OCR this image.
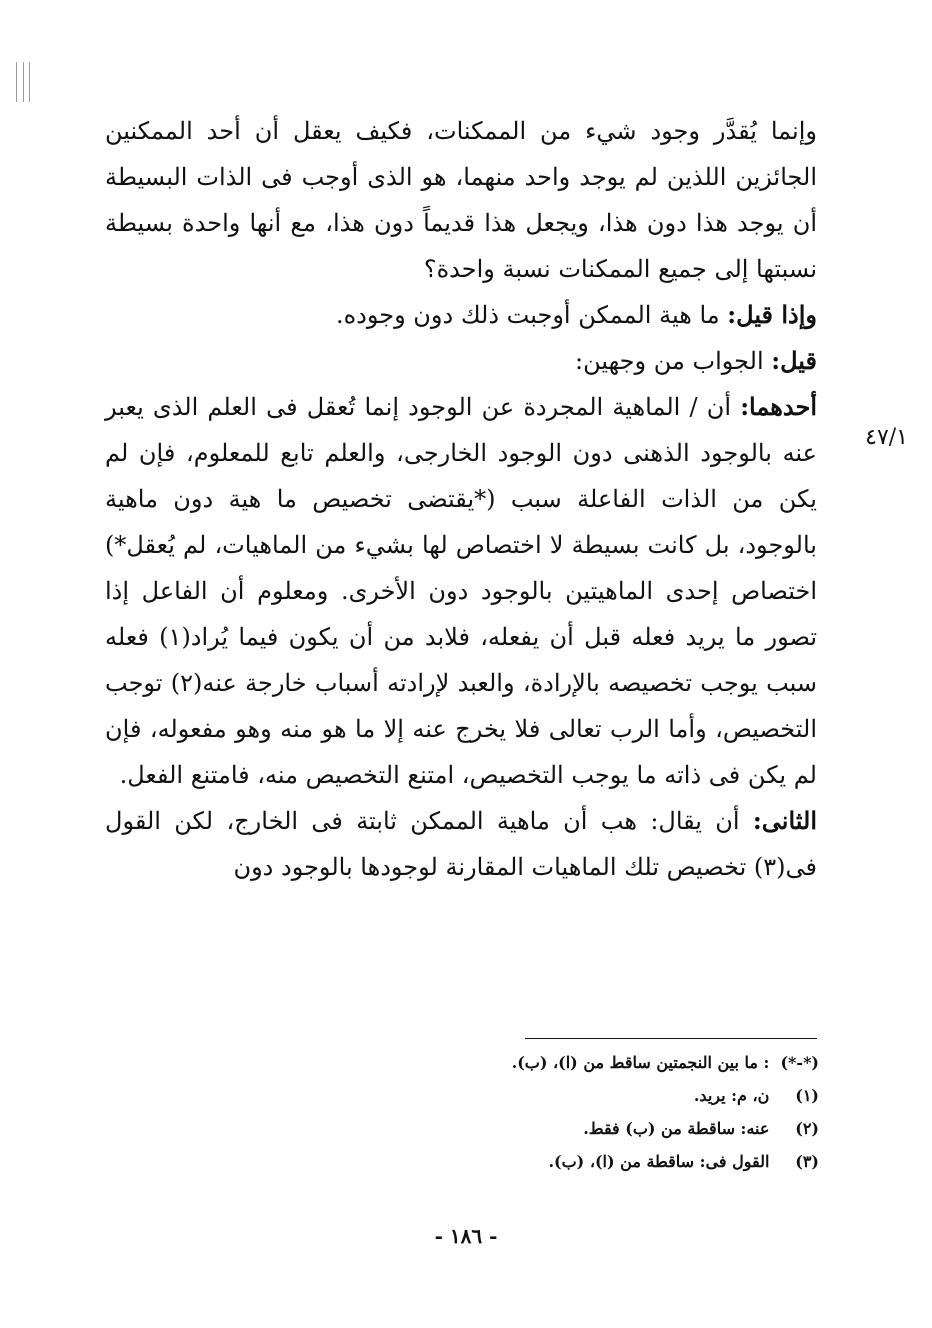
٤٧/١

وإنما يُقدَّر وجود شيء من الممكنات، فكيف يعقل أن أحد الممكنين الجائزين اللذين لم يوجد واحد منهما، هو الذى أوجب فى الذات البسيطة أن يوجد هذا دون هذا، ويجعل هذا قديماً دون هذا، مع أنها واحدة بسيطة نسبتها إلى جميع الممكنات نسبة واحدة؟

وإذا قيل: ما هية الممكن أوجبت ذلك دون وجوده.

قيل: الجواب من وجهين:

أحدهما: أن / الماهية المجردة عن الوجود إنما تُعقل فى العلم الذى يعبر عنه بالوجود الذهنى دون الوجود الخارجى، والعلم تابع للمعلوم، فإن لم يكن من الذات الفاعلة سبب (*يقتضى تخصيص ما هية دون ماهية بالوجود، بل كانت بسيطة لا اختصاص لها بشيء من الماهيات، لم يُعقل*) اختصاص إحدى الماهيتين بالوجود دون الأخرى. ومعلوم أن الفاعل إذا تصور ما يريد فعله قبل أن يفعله، فلابد من أن يكون فيما يُراد(١) فعله سبب يوجب تخصيصه بالإرادة، والعبد لإرادته أسباب خارجة عنه(٢) توجب التخصيص، وأما الرب تعالى فلا يخرج عنه إلا ما هو منه وهو مفعوله، فإن لم يكن فى ذاته ما يوجب التخصيص، امتنع التخصيص منه، فامتنع الفعل.

الثانى: أن يقال: هب أن ماهية الممكن ثابتة فى الخارج، لكن القول فى(٣) تخصيص تلك الماهيات المقارنة لوجودها بالوجود دون

(*-*) : ما بين النجمتين ساقط من (ا)، (ب).
(١) ن، م: يريد.
(٢) عنه: ساقطة من (ب) فقط.
(٣) القول فى: ساقطة من (ا)، (ب).
- ١٨٦ -
